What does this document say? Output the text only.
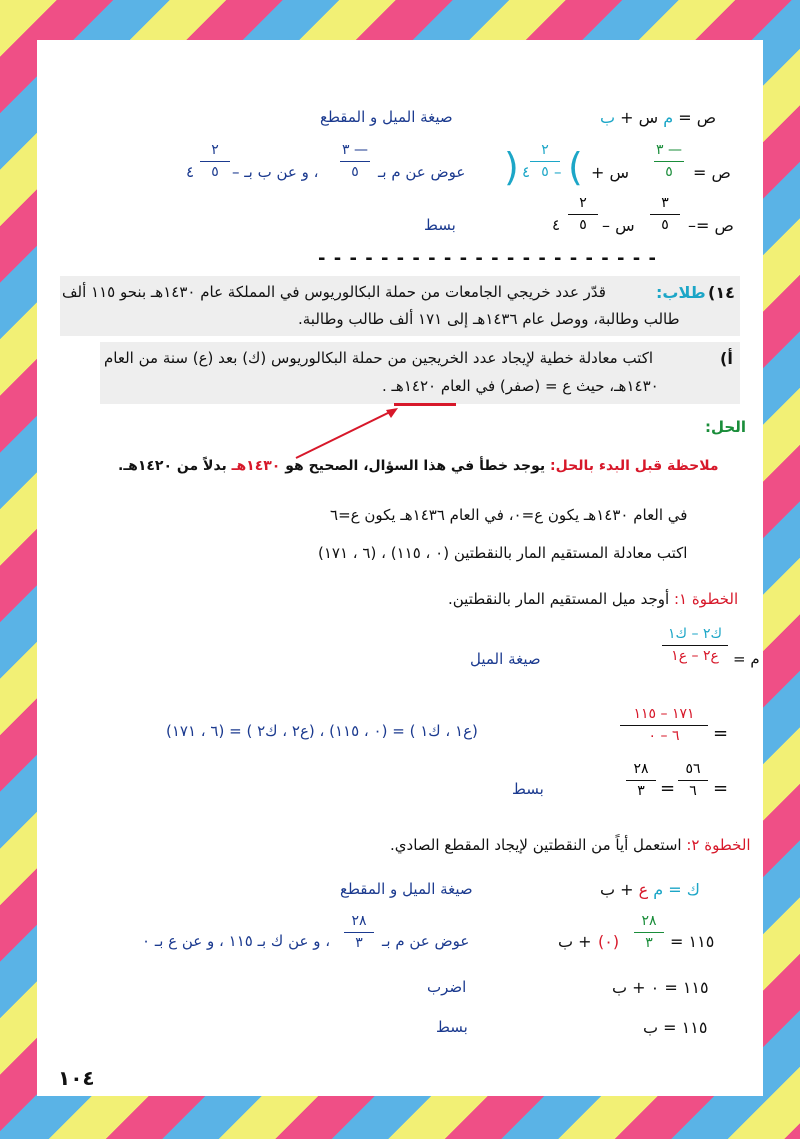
ص = م س + ب
صيغة الميل و المقطع
ص =
٣ —
٥
س +
(
–
٢
٥
٤
)
عوض عن م بـ
٣ —
٥
، و عن ب بـ –
٢
٥
٤
ص =–
٣
٥
س –
٢
٥
٤
بسط
- - - - - - - - - - - - - - - - - - - - - -
١٤)
طلاب:
قدّر عدد خريجي الجامعات من حملة البكالوريوس في المملكة عام ١٤٣٠هـ بنحو ١١٥ ألف
طالب وطالبة، ووصل عام ١٤٣٦هـ إلى ١٧١ ألف طالب وطالبة.
أ)
اكتب معادلة خطية لإيجاد عدد الخريجين من حملة البكالوريوس (ك) بعد (ع) سنة من العام
١٤٣٠هـ، حيث ع = (صفر) في العام ١٤٢٠هـ .
الحل:
ملاحظة قبل البدء بالحل: يوجد خطأ في هذا السؤال، الصحيح هو ١٤٣٠هـ بدلاً من ١٤٢٠هـ.
في العام ١٤٣٠هـ يكون ع=٠، في العام ١٤٣٦هـ يكون ع=٦
اكتب معادلة المستقيم المار بالنقطتين (٠ ، ١١٥) ، (٦ ، ١٧١)
الخطوة ١: أوجد ميل المستقيم المار بالنقطتين.
م =
ك٢ – ك١
ع٢ – ع١
صيغة الميل
=
١٧١ – ١١٥
٦ – ٠
(ع١ ، ك١ ) = (٠ ، ١١٥) ، (ع٢ ، ك٢ ) = (٦ ، ١٧١)
=
٥٦
٦
=
٢٨
٣
بسط
الخطوة ٢: استعمل أياً من النقطتين لإيجاد المقطع الصادي.
ك = م ع + ب
صيغة الميل و المقطع
١١٥ =
٢٨
٣
(٠)
+ ب
عوض عن م بـ
٢٨
٣
، و عن ك بـ ١١٥ ، و عن ع بـ ٠
١١٥ = ٠ + ب
اضرب
١١٥ = ب
بسط
١٠٤
